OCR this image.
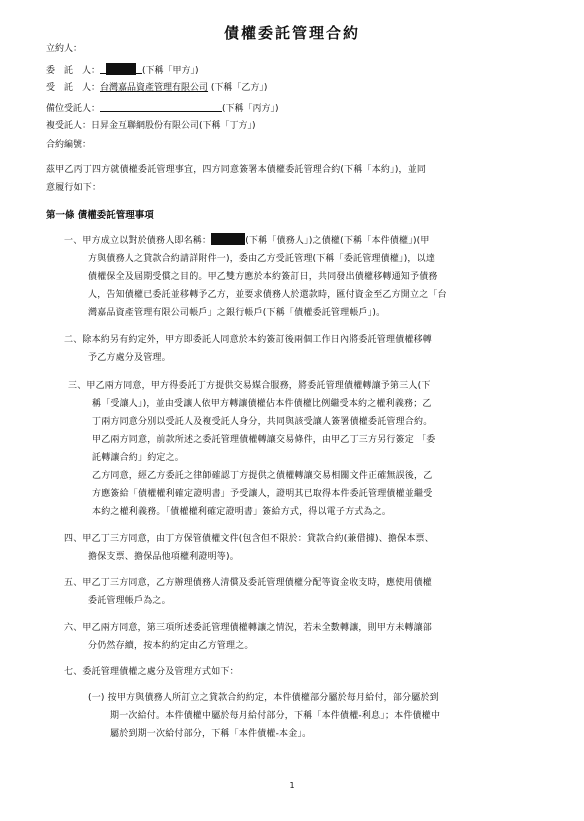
債權委託管理合約
立約人：
委　託　人：	(下稱「甲方」)
受　託　人：台灣嘉品資產管理有限公司 (下稱「乙方」)
備位受託人：	(下稱「丙方」)
複受託人：日昇金互聯網股份有限公司(下稱「丁方」)
合約編號：

茲甲乙丙丁四方就債權委託管理事宜，四方同意簽署本債權委託管理合約(下稱「本約」)，並同

意履行如下：

第一條 債權委託管理事項

一、甲方成立以對於債務人即名稱：	(下稱「債務人」)之債權(下稱「本件債權」)(甲

方與債務人之貸款合約請詳附件一)，委由乙方受託管理(下稱「委託管理債權」)，以達

債權保全及屆期受償之目的。甲乙雙方應於本約簽訂日，共同發出債權移轉通知予債務

人，告知債權已委託並移轉予乙方，並要求債務人於還款時，匯付資金至乙方開立之「台

灣嘉品資產管理有限公司帳戶」之銀行帳戶(下稱「債權委託管理帳戶」)。

二、除本約另有約定外，甲方即委託人同意於本約簽訂後兩個工作日內將委託管理債權移轉

予乙方處分及管理。

三、甲乙兩方同意，甲方得委託丁方提供交易媒合服務，將委託管理債權轉讓予第三人(下

稱「受讓人」)，並由受讓人依甲方轉讓債權佔本件債權比例繼受本約之權利義務；乙

丁兩方同意分別以受託人及複受託人身分，共同與該受讓人簽署債權委託管理合約。

甲乙兩方同意，前款所述之委託管理債權轉讓交易條件，由甲乙丁三方另行簽定 「委

託轉讓合約」約定之。

乙方同意，經乙方委託之律師確認丁方提供之債權轉讓交易相關文件正確無誤後，乙

方應簽給「債權權利確定證明書」予受讓人，證明其已取得本件委託管理債權並繼受

本約之權利義務。「債權權利確定證明書」簽給方式，得以電子方式為之。

四、甲乙丁三方同意，由丁方保管債權文件(包含但不限於：貸款合約(兼借據)、擔保本票、

擔保支票、擔保品他項權利證明等)。

五、甲乙丁三方同意，乙方辦理債務人清償及委託管理債權分配等資金收支時，應使用債權

委託管理帳戶為之。

六、甲乙兩方同意，第三項所述委託管理債權轉讓之情況，若未全數轉讓，則甲方未轉讓部

分仍然存續，按本約約定由乙方管理之。

七、委託管理債權之處分及管理方式如下：

(一) 按甲方與債務人所訂立之貸款合約約定，本件債權部分屬於每月給付，部分屬於到

期一次給付。本件債權中屬於每月給付部分，下稱「本件債權-利息」；本件債權中

屬於到期一次給付部分，下稱「本件債權-本金」。

1
